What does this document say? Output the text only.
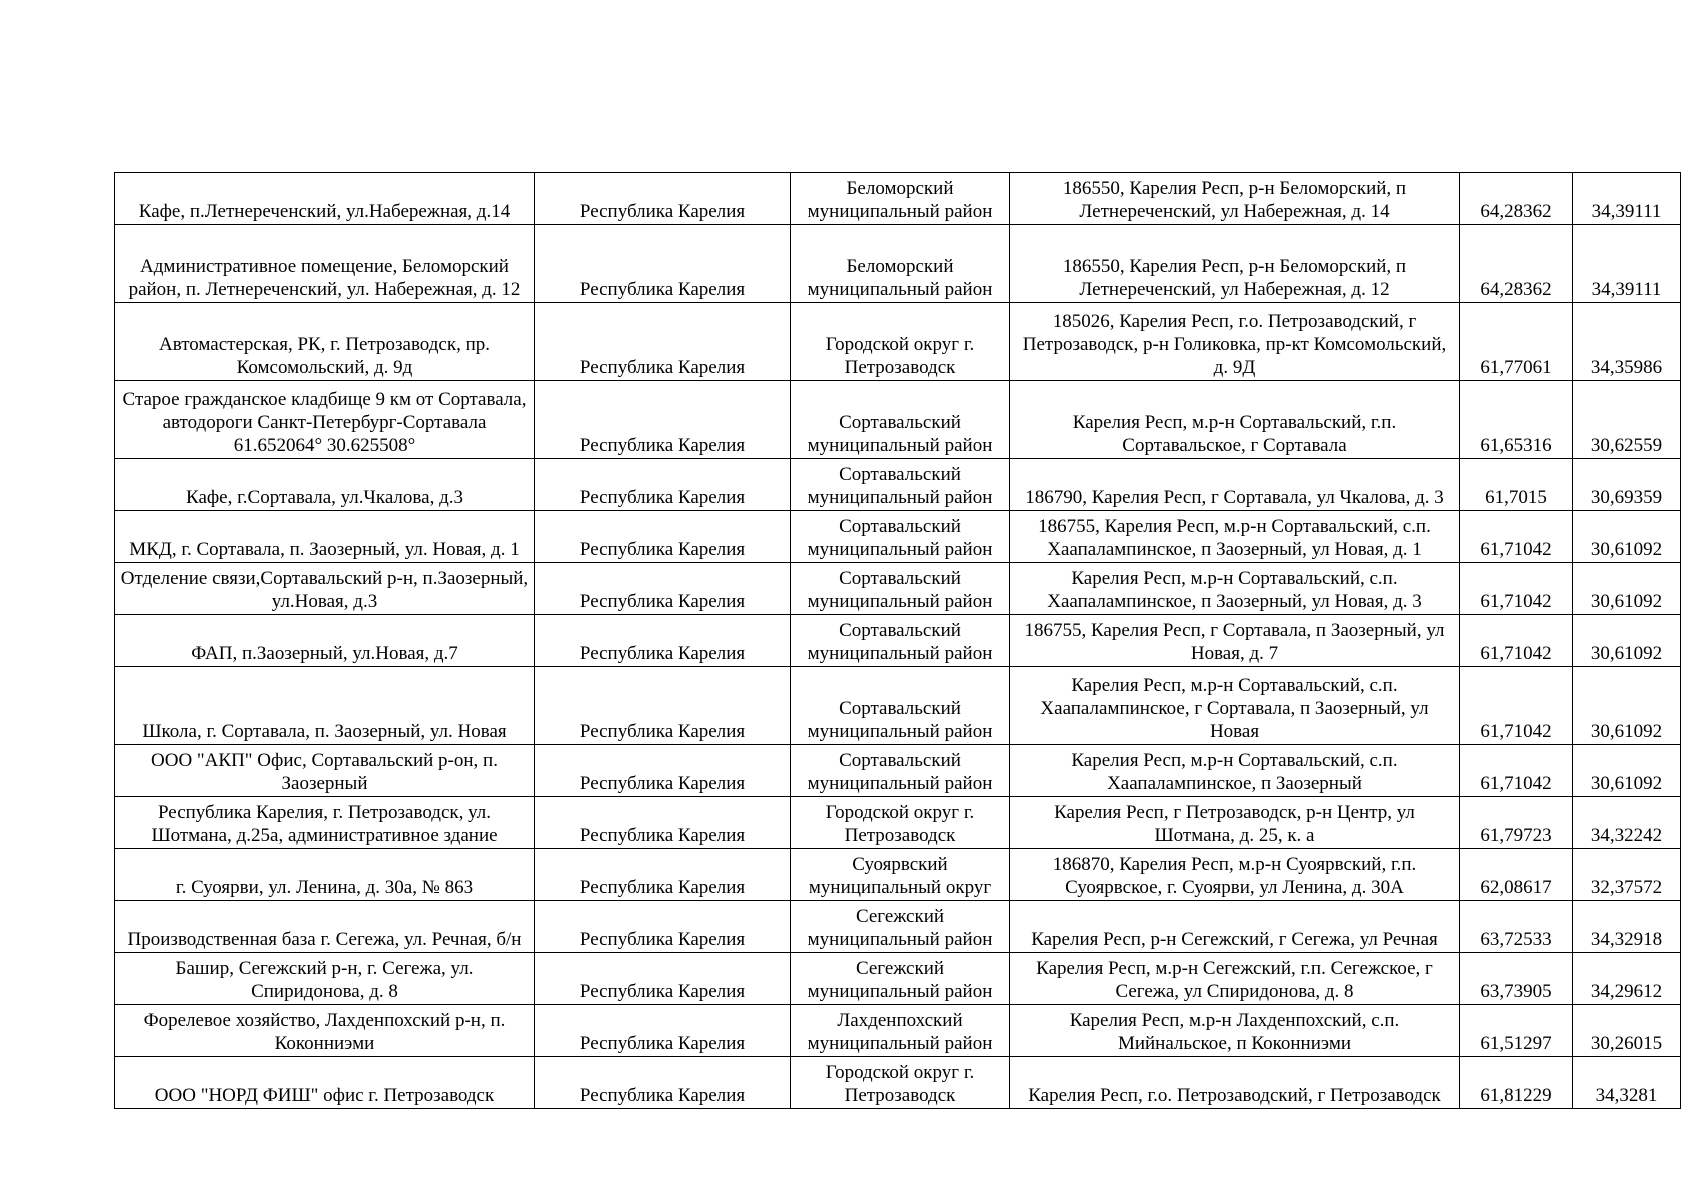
Кафе, п.Летнереченский, ул.Набережная, д.14	Республика Карелия	Беломорский муниципальный район	186550, Карелия Респ, р-н Беломорский, п Летнереченский, ул Набережная, д. 14	64,28362	34,39111
Административное помещение, Беломорский район, п. Летнереченский, ул. Набережная, д. 12	Республика Карелия	Беломорский муниципальный район	186550, Карелия Респ, р-н Беломорский, п Летнереченский, ул Набережная, д. 12	64,28362	34,39111
Автомастерская, РК, г. Петрозаводск, пр. Комсомольский, д. 9д	Республика Карелия	Городской округ г. Петрозаводск	185026, Карелия Респ, г.о. Петрозаводский, г Петрозаводск, р-н Голиковка, пр-кт Комсомольский, д. 9Д	61,77061	34,35986
Старое гражданское кладбище 9 км от Сортавала, автодороги Санкт-Петербург-Сортавала 61.652064° 30.625508°	Республика Карелия	Сортавальский муниципальный район	Карелия Респ, м.р-н Сортавальский, г.п. Сортавальское, г Сортавала	61,65316	30,62559
Кафе, г.Сортавала, ул.Чкалова, д.3	Республика Карелия	Сортавальский муниципальный район	186790, Карелия Респ, г Сортавала, ул Чкалова, д. 3	61,7015	30,69359
МКД, г. Сортавала, п. Заозерный, ул. Новая, д. 1	Республика Карелия	Сортавальский муниципальный район	186755, Карелия Респ, м.р-н Сортавальский, с.п. Хаапалампинское, п Заозерный, ул Новая, д. 1	61,71042	30,61092
Отделение связи,Сортавальский р-н, п.Заозерный, ул.Новая, д.3	Республика Карелия	Сортавальский муниципальный район	Карелия Респ, м.р-н Сортавальский, с.п. Хаапалампинское, п Заозерный, ул Новая, д. 3	61,71042	30,61092
ФАП, п.Заозерный, ул.Новая, д.7	Республика Карелия	Сортавальский муниципальный район	186755, Карелия Респ, г Сортавала, п Заозерный, ул Новая, д. 7	61,71042	30,61092
Школа, г. Сортавала, п. Заозерный, ул. Новая	Республика Карелия	Сортавальский муниципальный район	Карелия Респ, м.р-н Сортавальский, с.п. Хаапалампинское, г Сортавала, п Заозерный, ул Новая	61,71042	30,61092
ООО "АКП" Офис, Сортавальский р-он, п. Заозерный	Республика Карелия	Сортавальский муниципальный район	Карелия Респ, м.р-н Сортавальский, с.п. Хаапалампинское, п Заозерный	61,71042	30,61092
Республика Карелия, г. Петрозаводск, ул. Шотмана, д.25а, административное здание	Республика Карелия	Городской округ г. Петрозаводск	Карелия Респ, г Петрозаводск, р-н Центр, ул Шотмана, д. 25, к. а	61,79723	34,32242
г. Суоярви, ул. Ленина, д. 30а, № 863	Республика Карелия	Суоярвский муниципальный округ	186870, Карелия Респ, м.р-н Суоярвский, г.п. Суоярвское, г. Суоярви, ул Ленина, д. 30А	62,08617	32,37572
Производственная база г. Сегежа, ул. Речная, б/н	Республика Карелия	Сегежский муниципальный район	Карелия Респ, р-н Сегежский, г Сегежа, ул Речная	63,72533	34,32918
Башир, Сегежский р-н, г. Сегежа, ул. Спиридонова, д. 8	Республика Карелия	Сегежский муниципальный район	Карелия Респ, м.р-н Сегежский, г.п. Сегежское, г Сегежа, ул Спиридонова, д. 8	63,73905	34,29612
Форелевое хозяйство, Лахденпохский р-н, п. Коконниэми	Республика Карелия	Лахденпохский муниципальный район	Карелия Респ, м.р-н Лахденпохский, с.п. Мийнальское, п Коконниэми	61,51297	30,26015
ООО "НОРД ФИШ" офис г. Петрозаводск	Республика Карелия	Городской округ г. Петрозаводск	Карелия Респ, г.о. Петрозаводский, г Петрозаводск	61,81229	34,3281
